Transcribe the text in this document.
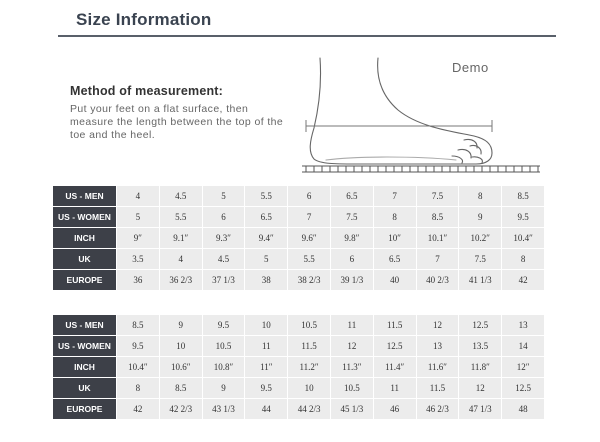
Size Information
Method of measurement:
Put your feet on a flat surface, then measure the length between the top of the toe and the heel.
Demo
US - MEN	4	4.5	5	5.5	6	6.5	7	7.5	8	8.5
US - WOMEN	5	5.5	6	6.5	7	7.5	8	8.5	9	9.5
INCH	9″	9.1″	9.3″	9.4″	9.6″	9.8″	10″	10.1″	10.2″	10.4″
UK	3.5	4	4.5	5	5.5	6	6.5	7	7.5	8
EUROPE	36	36 2/3	37 1/3	38	38 2/3	39 1/3	40	40 2/3	41 1/3	42
US - MEN	8.5	9	9.5	10	10.5	11	11.5	12	12.5	13
US - WOMEN	9.5	10	10.5	11	11.5	12	12.5	13	13.5	14
INCH	10.4″	10.6″	10.8″	11″	11.2″	11.3″	11.4″	11.6″	11.8″	12″
UK	8	8.5	9	9.5	10	10.5	11	11.5	12	12.5
EUROPE	42	42 2/3	43 1/3	44	44 2/3	45 1/3	46	46 2/3	47 1/3	48
